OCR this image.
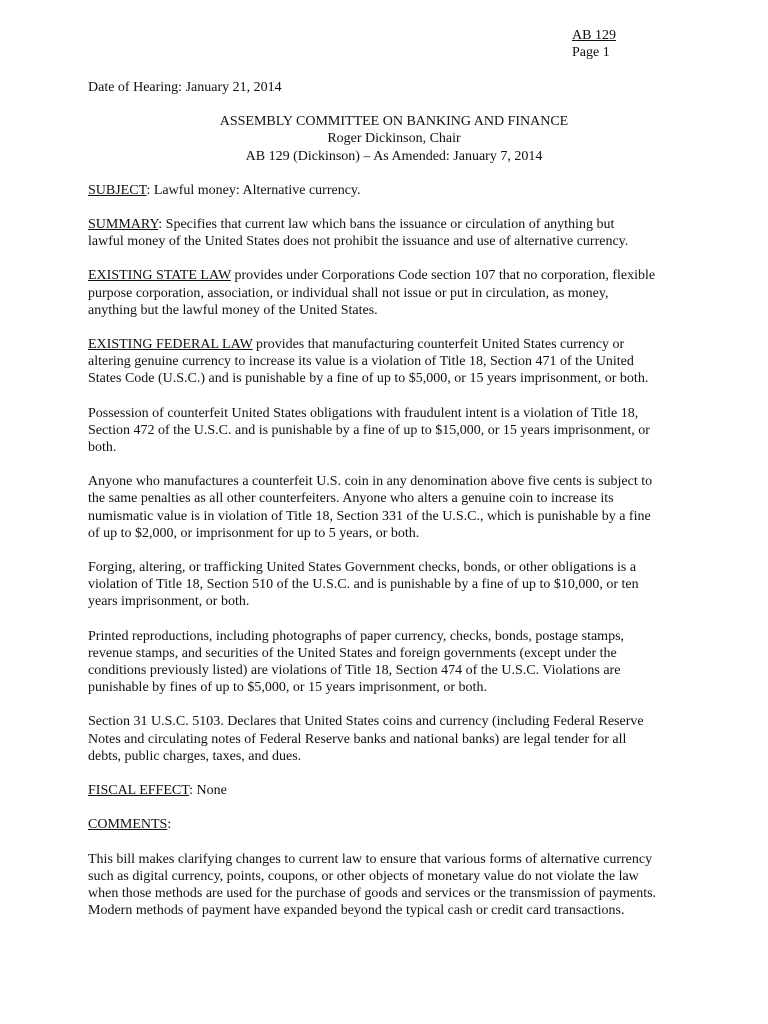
AB 129
Page 1

Date of Hearing: January 21, 2014

ASSEMBLY COMMITTEE ON BANKING AND FINANCE
Roger Dickinson, Chair
AB 129 (Dickinson) – As Amended: January 7, 2014

SUBJECT: Lawful money: Alternative currency.

SUMMARY: Specifies that current law which bans the issuance or circulation of anything but
lawful money of the United States does not prohibit the issuance and use of alternative currency.

EXISTING STATE LAW provides under Corporations Code section 107 that no corporation, flexible
purpose corporation, association, or individual shall not issue or put in circulation, as money,
anything but the lawful money of the United States.

EXISTING FEDERAL LAW provides that manufacturing counterfeit United States currency or
altering genuine currency to increase its value is a violation of Title 18, Section 471 of the United
States Code (U.S.C.) and is punishable by a fine of up to $5,000, or 15 years imprisonment, or both.

Possession of counterfeit United States obligations with fraudulent intent is a violation of Title 18,
Section 472 of the U.S.C. and is punishable by a fine of up to $15,000, or 15 years imprisonment, or
both.

Anyone who manufactures a counterfeit U.S. coin in any denomination above five cents is subject to
the same penalties as all other counterfeiters. Anyone who alters a genuine coin to increase its
numismatic value is in violation of Title 18, Section 331 of the U.S.C., which is punishable by a fine
of up to $2,000, or imprisonment for up to 5 years, or both.

Forging, altering, or trafficking United States Government checks, bonds, or other obligations is a
violation of Title 18, Section 510 of the U.S.C. and is punishable by a fine of up to $10,000, or ten
years imprisonment, or both.

Printed reproductions, including photographs of paper currency, checks, bonds, postage stamps,
revenue stamps, and securities of the United States and foreign governments (except under the
conditions previously listed) are violations of Title 18, Section 474 of the U.S.C. Violations are
punishable by fines of up to $5,000, or 15 years imprisonment, or both.

Section 31 U.S.C. 5103. Declares that United States coins and currency (including Federal Reserve
Notes and circulating notes of Federal Reserve banks and national banks) are legal tender for all
debts, public charges, taxes, and dues.

FISCAL EFFECT: None

COMMENTS:

This bill makes clarifying changes to current law to ensure that various forms of alternative currency
such as digital currency, points, coupons, or other objects of monetary value do not violate the law
when those methods are used for the purchase of goods and services or the transmission of payments.
Modern methods of payment have expanded beyond the typical cash or credit card transactions.
